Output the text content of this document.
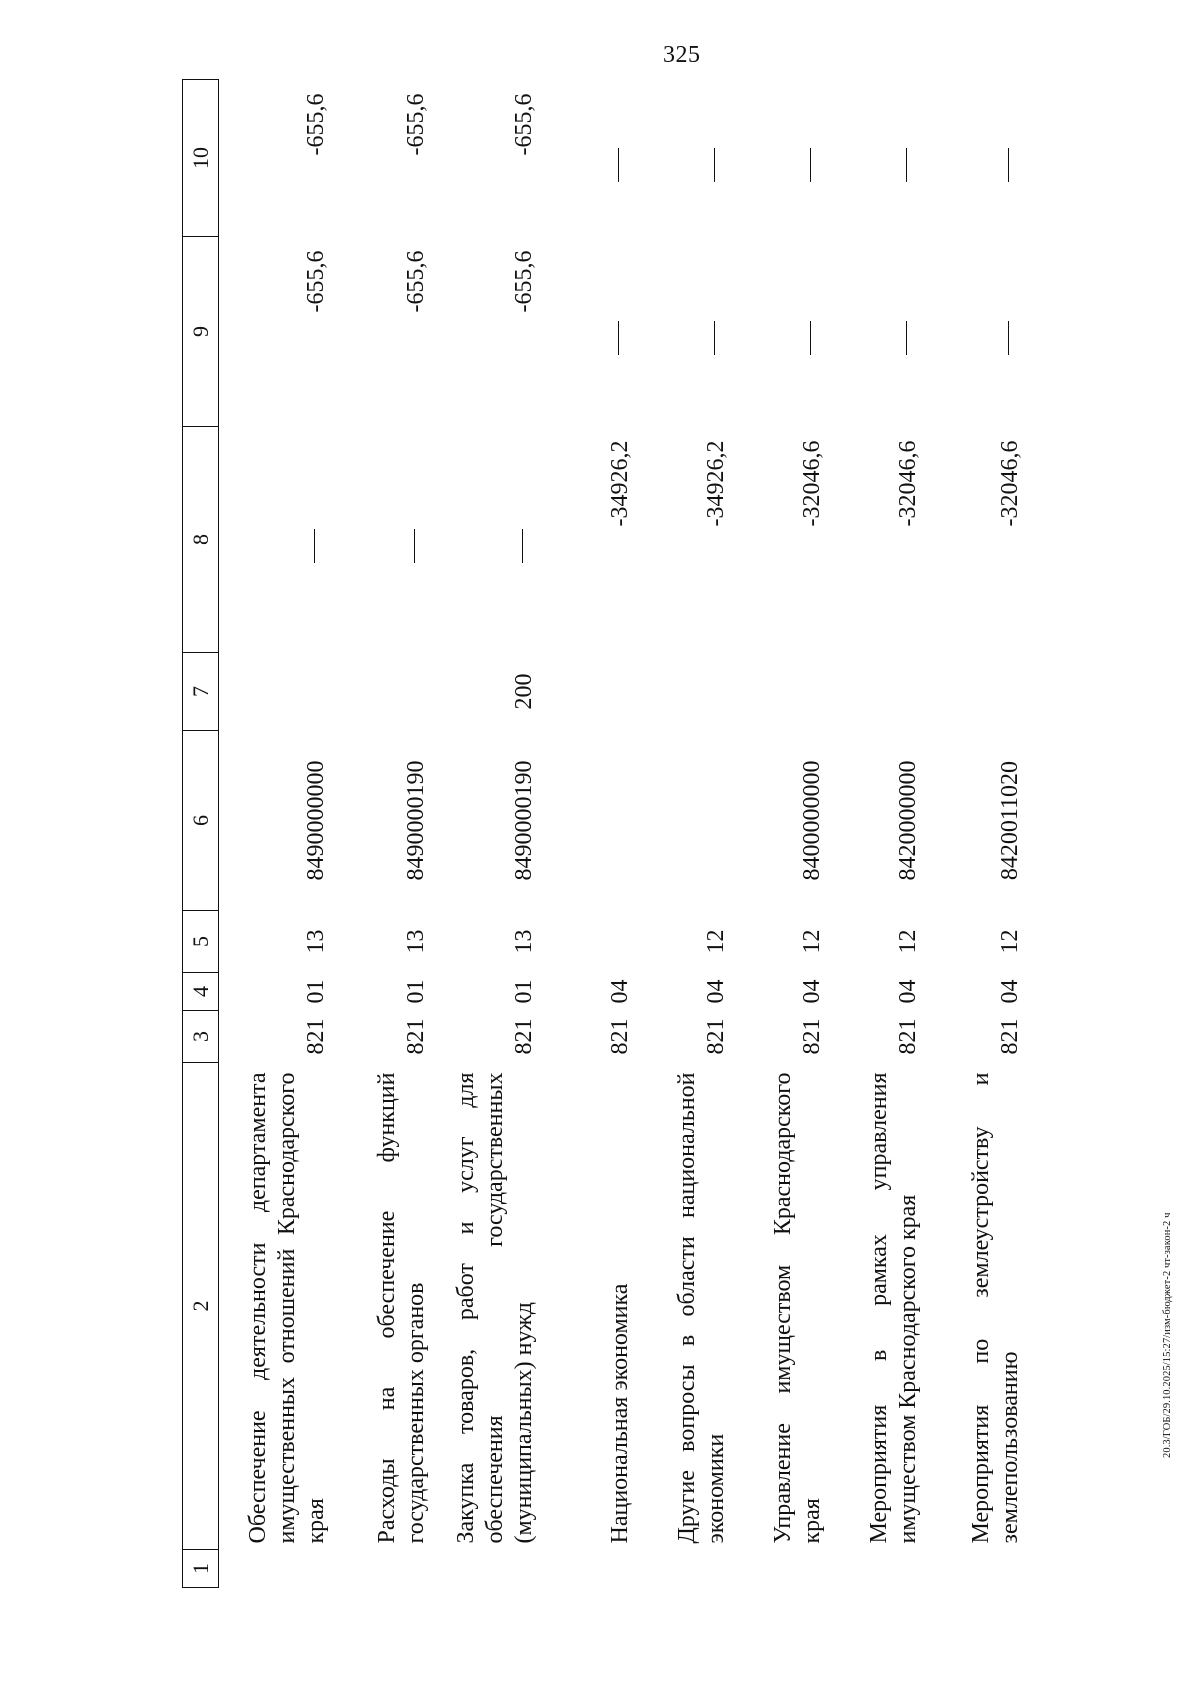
325
20.3/ГОБ/29.10.2025/15:27/изм-бюджет-2 чт-закон-2 ч
1	2	3	4	5	6	7	8	9	10
	Обеспечение деятельности департамента имущественных отношений Краснодарского края	821	01	13	8490000000			-655,6	-655,6
	Расходы на обеспечение функций государственных органов	821	01	13	8490000190			-655,6	-655,6
	Закупка товаров, работ и услуг для обеспечения государственных (муниципальных) нужд	821	01	13	8490000190	200		-655,6	-655,6
	Национальная экономика	821	04				-34926,2		
	Другие вопросы в области национальной экономики	821	04	12			-34926,2		
	Управление имуществом Краснодарского края	821	04	12	8400000000		-32046,6		
	Мероприятия в рамках управления имуществом Краснодарского края	821	04	12	8420000000		-32046,6		
	Мероприятия по землеустройству и землепользованию	821	04	12	8420011020		-32046,6		
